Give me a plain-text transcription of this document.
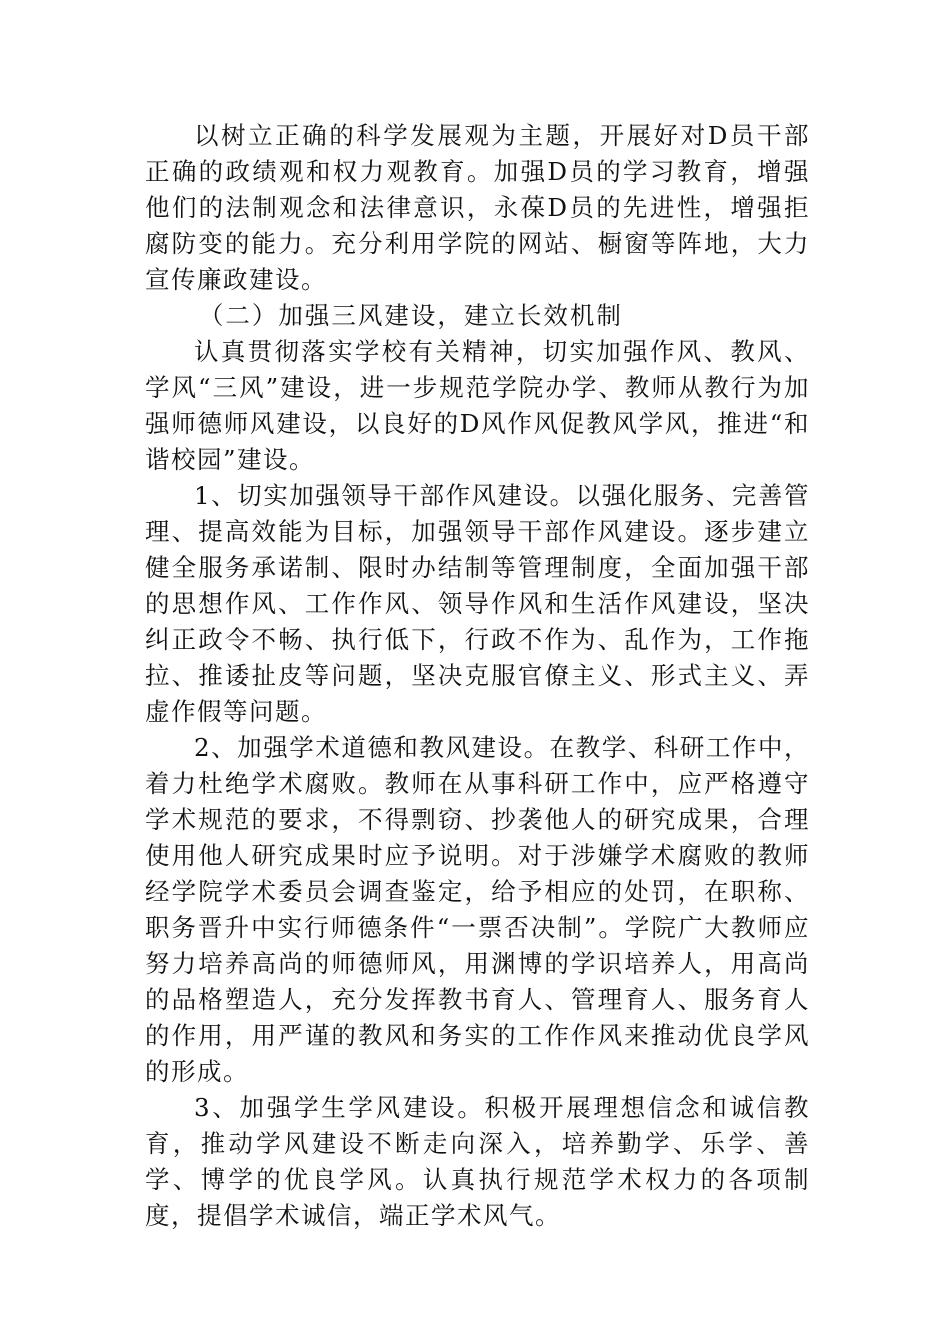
以树立正确的科学发展观为主题，开展好对D员干部正确的政绩观和权力观教育。加强D员的学习教育，增强他们的法制观念和法律意识，永葆D员的先进性，增强拒腐防变的能力。充分利用学院的网站、橱窗等阵地，大力宣传廉政建设。

（二）加强三风建设，建立长效机制

认真贯彻落实学校有关精神，切实加强作风、教风、学风“三风”建设，进一步规范学院办学、教师从教行为加强师德师风建设，以良好的D风作风促教风学风，推进“和谐校园”建设。

1、切实加强领导干部作风建设。以强化服务、完善管理、提高效能为目标，加强领导干部作风建设。逐步建立健全服务承诺制、限时办结制等管理制度，全面加强干部的思想作风、工作作风、领导作风和生活作风建设，坚决纠正政令不畅、执行低下，行政不作为、乱作为，工作拖拉、推诿扯皮等问题，坚决克服官僚主义、形式主义、弄虚作假等问题。

2、加强学术道德和教风建设。在教学、科研工作中，着力杜绝学术腐败。教师在从事科研工作中，应严格遵守学术规范的要求，不得剽窃、抄袭他人的研究成果，合理使用他人研究成果时应予说明。对于涉嫌学术腐败的教师经学院学术委员会调查鉴定，给予相应的处罚，在职称、职务晋升中实行师德条件“一票否决制”。学院广大教师应努力培养高尚的师德师风，用渊博的学识培养人，用高尚的品格塑造人，充分发挥教书育人、管理育人、服务育人的作用，用严谨的教风和务实的工作作风来推动优良学风的形成。

3、加强学生学风建设。积极开展理想信念和诚信教育，推动学风建设不断走向深入，培养勤学、乐学、善学、博学的优良学风。认真执行规范学术权力的各项制度，提倡学术诚信，端正学术风气。
